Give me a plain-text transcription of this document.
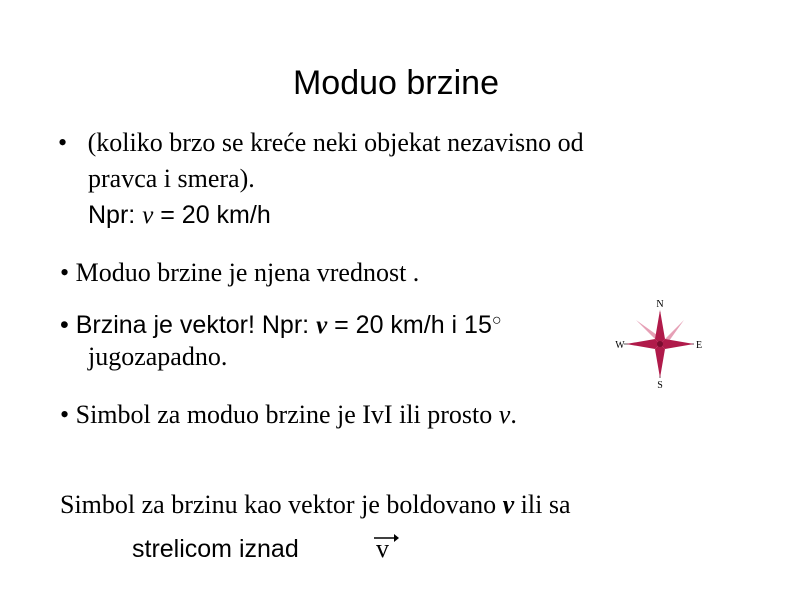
Moduo brzine
• (koliko brzo se kreće neki objekat nezavisno od
pravca i smera).
Npr: v = 20 km/h
• Moduo brzine je njena vrednost .
• Brzina je vektor! Npr: v = 20 km/h i 15○
jugozapadno.
N
S
E
W
• Simbol za moduo brzine je IvI ili prosto v.
Simbol za brzinu kao vektor je boldovano v ili sa
strelicom iznad	v
